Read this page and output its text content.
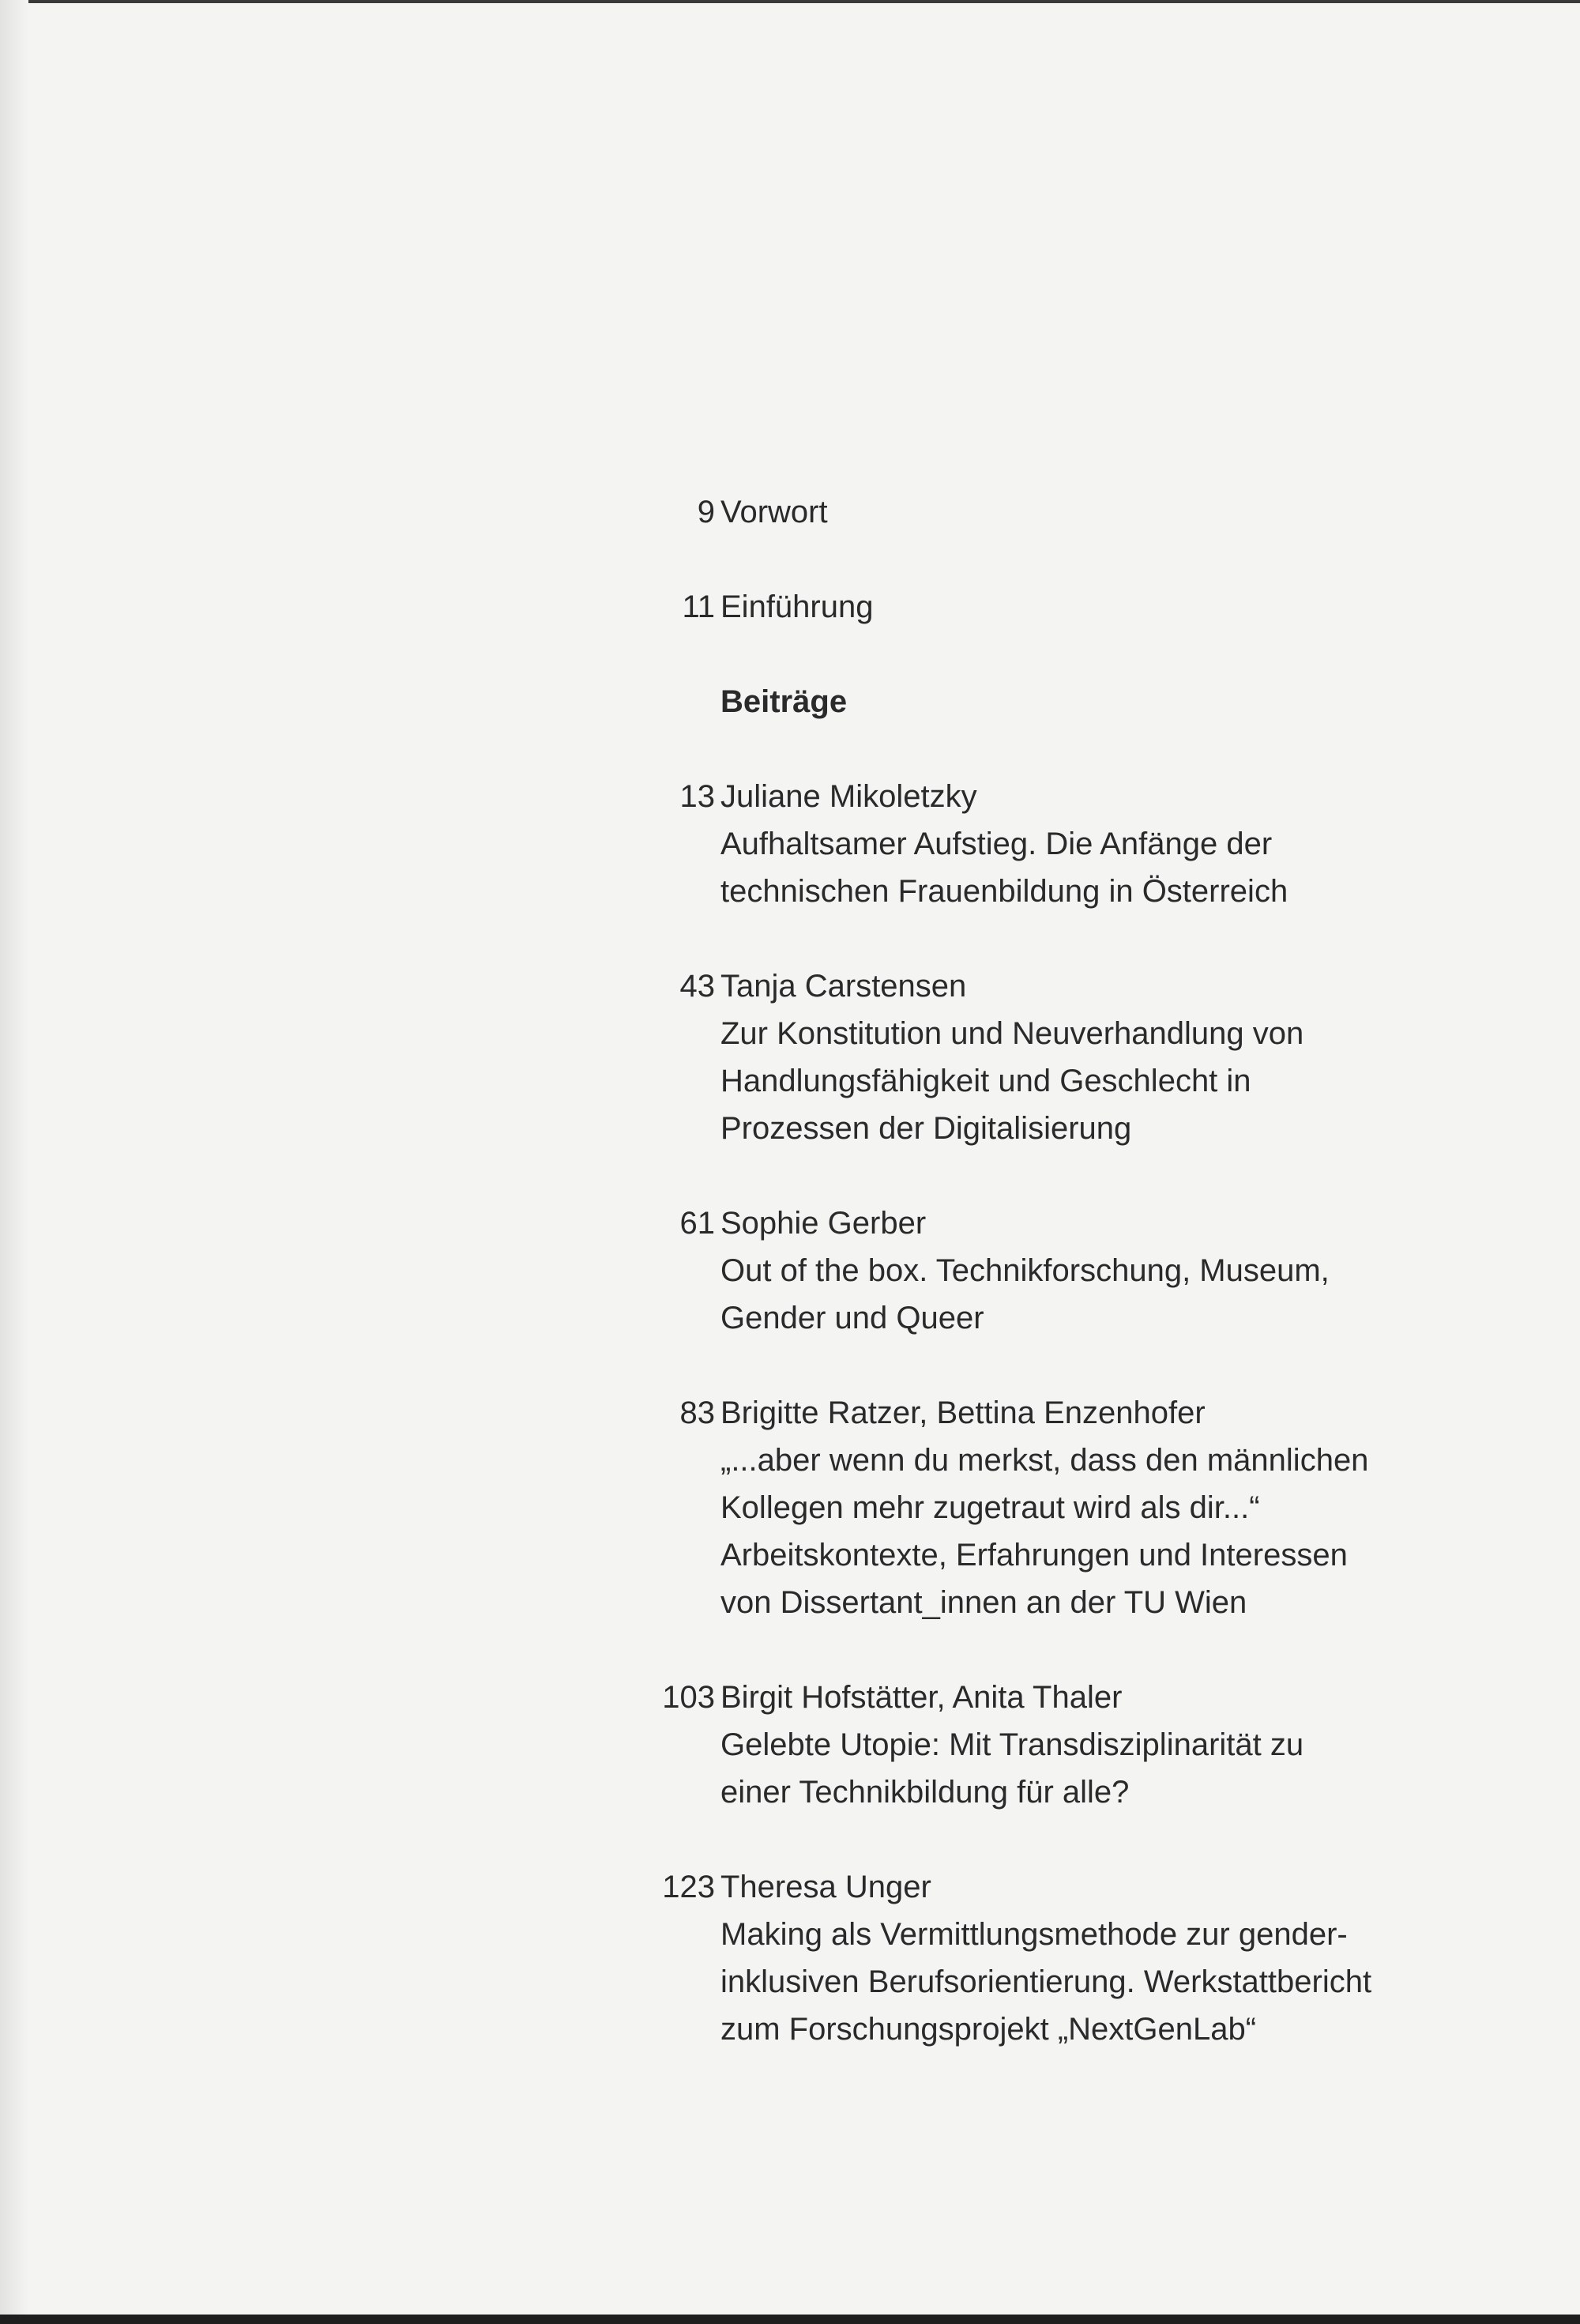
9 Vorwort
11 Einführung
Beiträge
13 Juliane Mikoletzky
Aufhaltsamer Aufstieg. Die Anfänge der
technischen Frauenbildung in Österreich
43 Tanja Carstensen
Zur Konstitution und Neuverhandlung von
Handlungsfähigkeit und Geschlecht in
Prozessen der Digitalisierung
61 Sophie Gerber
Out of the box. Technikforschung, Museum,
Gender und Queer
83 Brigitte Ratzer, Bettina Enzenhofer
„...aber wenn du merkst, dass den männlichen
Kollegen mehr zugetraut wird als dir...“
Arbeitskontexte, Erfahrungen und Interessen
von Dissertant_innen an der TU Wien
103 Birgit Hofstätter, Anita Thaler
Gelebte Utopie: Mit Transdisziplinarität zu
einer Technikbildung für alle?
123 Theresa Unger
Making als Vermittlungsmethode zur gender-
inklusiven Berufsorientierung. Werkstattbericht
zum Forschungsprojekt „NextGenLab“
